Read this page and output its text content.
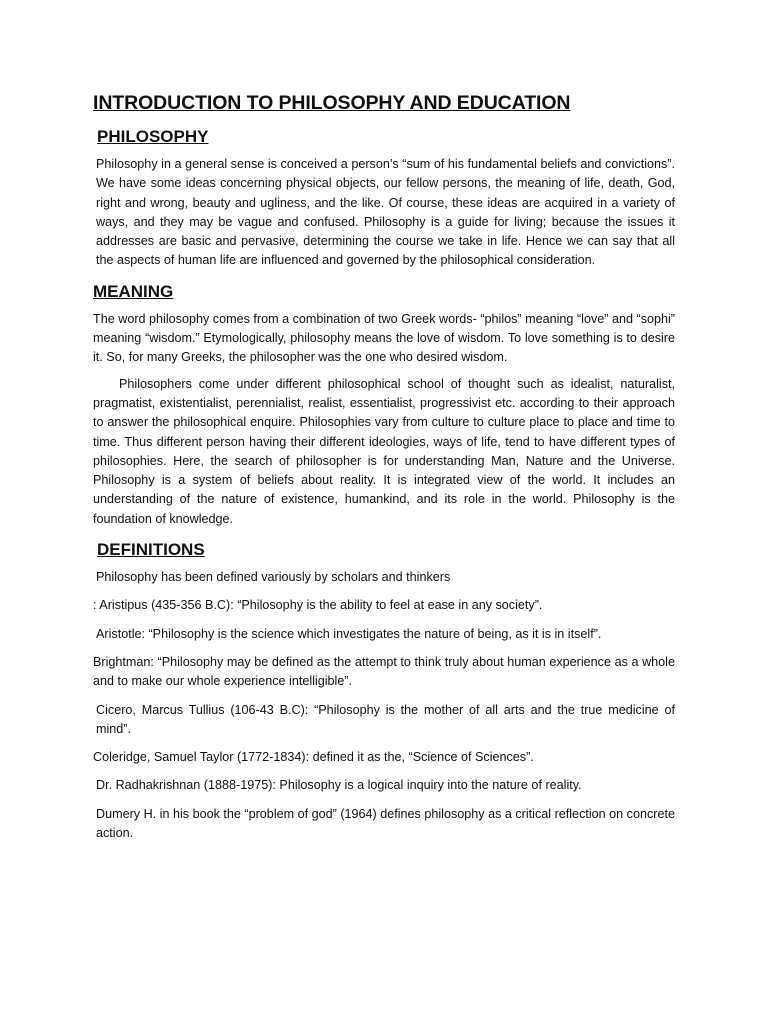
INTRODUCTION TO PHILOSOPHY AND EDUCATION
PHILOSOPHY

Philosophy in a general sense is conceived a person’s “sum of his fundamental beliefs and convictions”. We have some ideas concerning physical objects, our fellow persons, the meaning of life, death, God, right and wrong, beauty and ugliness, and the like. Of course, these ideas are acquired in a variety of ways, and they may be vague and confused. Philosophy is a guide for living; because the issues it addresses are basic and pervasive, determining the course we take in life. Hence we can say that all the aspects of human life are influenced and governed by the philosophical consideration.

MEANING

The word philosophy comes from a combination of two Greek words- “philos” meaning “love” and “sophi” meaning “wisdom.” Etymologically, philosophy means the love of wisdom. To love something is to desire it. So, for many Greeks, the philosopher was the one who desired wisdom.

Philosophers come under different philosophical school of thought such as idealist, naturalist, pragmatist, existentialist, perennialist, realist, essentialist, progressivist etc. according to their approach to answer the philosophical enquire. Philosophies vary from culture to culture place to place and time to time. Thus different person having their different ideologies, ways of life, tend to have different types of philosophies. Here, the search of philosopher is for understanding Man, Nature and the Universe. Philosophy is a system of beliefs about reality. It is integrated view of the world. It includes an understanding of the nature of existence, humankind, and its role in the world. Philosophy is the foundation of knowledge.

DEFINITIONS

Philosophy has been defined variously by scholars and thinkers

: Aristipus (435-356 B.C): “Philosophy is the ability to feel at ease in any society”.

Aristotle: “Philosophy is the science which investigates the nature of being, as it is in itself”.

Brightman: “Philosophy may be defined as the attempt to think truly about human experience as a whole and to make our whole experience intelligible”.

Cicero, Marcus Tullius (106-43 B.C): “Philosophy is the mother of all arts and the true medicine of mind”.

Coleridge, Samuel Taylor (1772-1834): defined it as the, “Science of Sciences”.

Dr. Radhakrishnan (1888-1975): Philosophy is a logical inquiry into the nature of reality.

Dumery H. in his book the “problem of god” (1964) defines philosophy as a critical reflection on concrete action.
